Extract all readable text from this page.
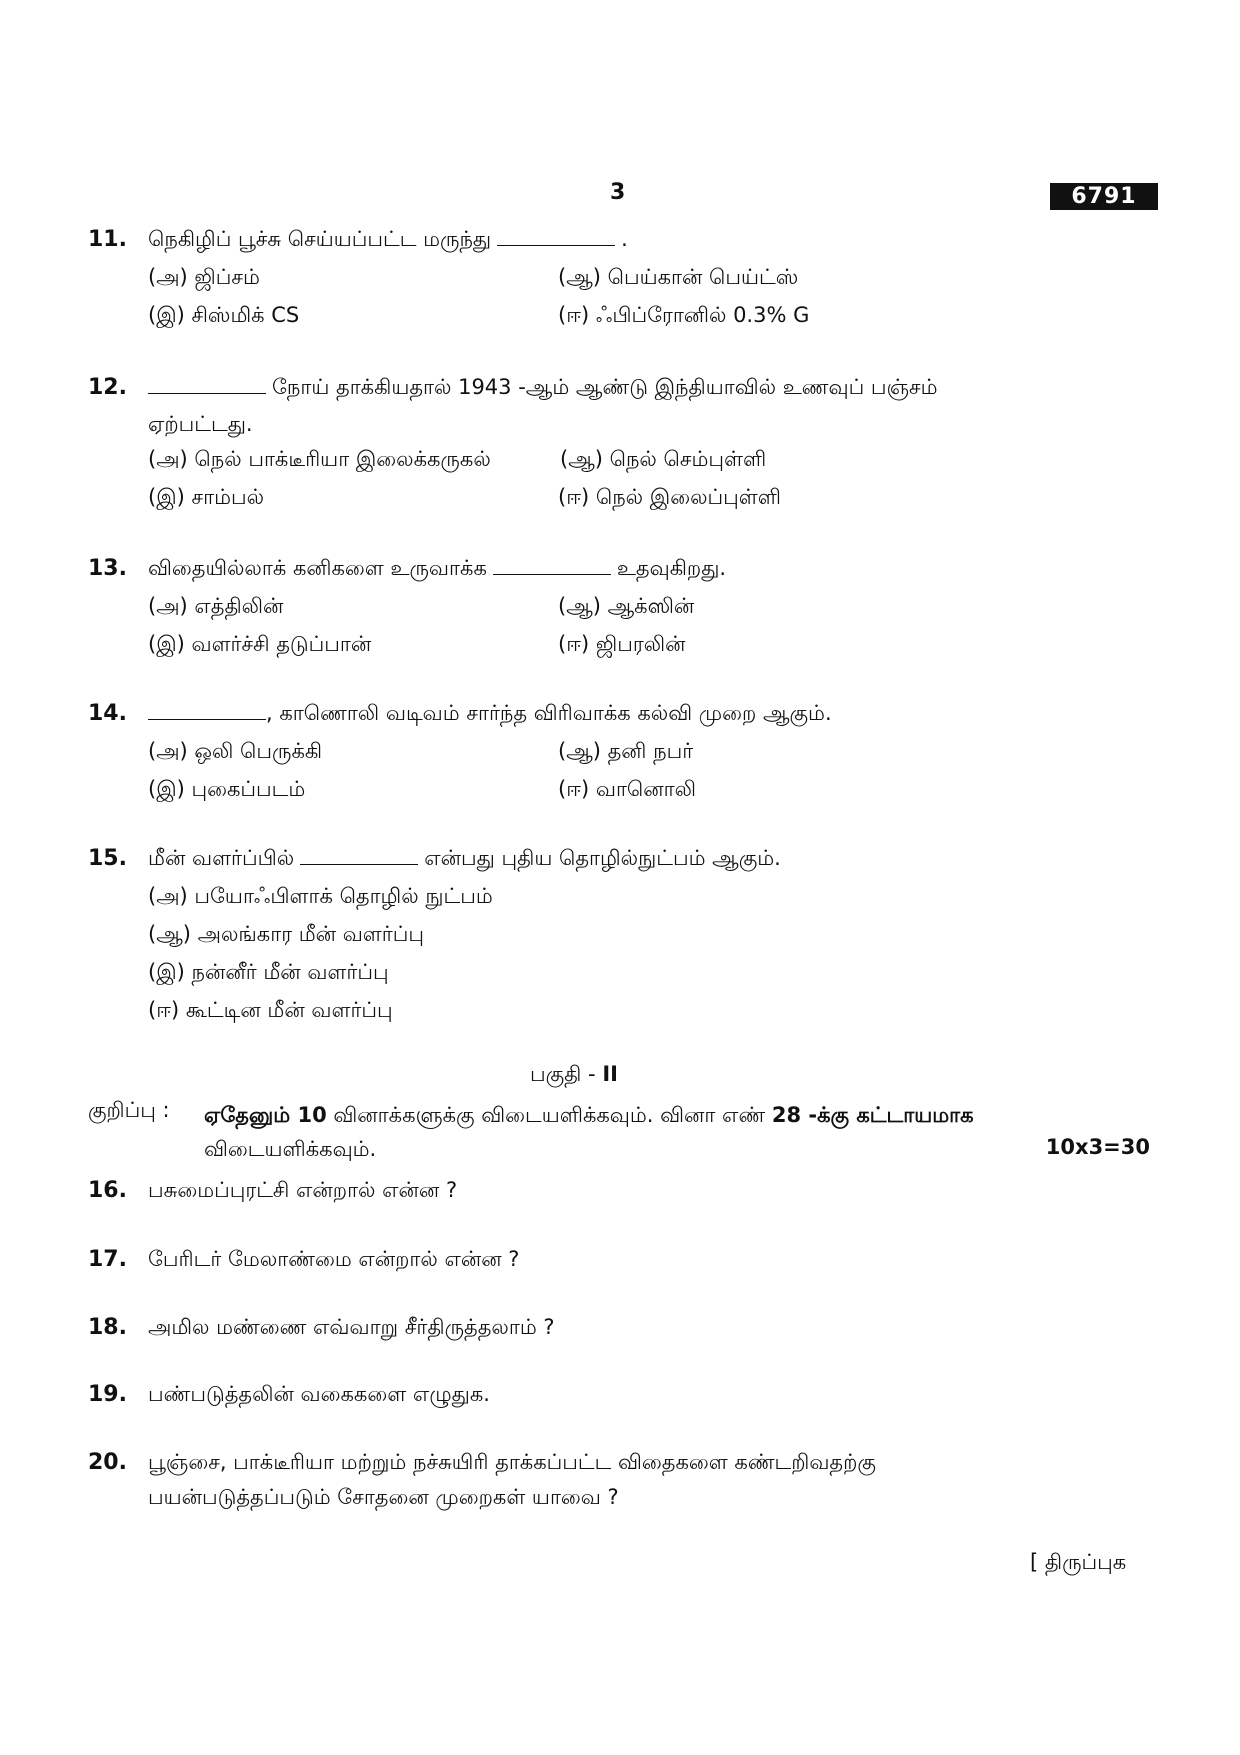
3	6791
11.	நெகிழிப் பூச்சு செய்யப்பட்ட மருந்து	.
(அ) ஜிப்சம்	(ஆ) பெய்கான் பெய்ட்ஸ்
(இ) சிஸ்மிக் CS	(ஈ) ஃபிப்ரோனில் 0.3% G
12.	நோய் தாக்கியதால் 1943 -ஆம் ஆண்டு இந்தியாவில் உணவுப் பஞ்சம்
ஏற்பட்டது.
(அ) நெல் பாக்டீரியா இலைக்கருகல்	(ஆ) நெல் செம்புள்ளி
(இ) சாம்பல்	(ஈ) நெல் இலைப்புள்ளி
13.	விதையில்லாக் கனிகளை உருவாக்க	உதவுகிறது.
(அ) எத்திலின்	(ஆ) ஆக்ஸின்
(இ) வளர்ச்சி தடுப்பான்	(ஈ) ஜிபரலின்
14.	, காணொலி வடிவம் சார்ந்த விரிவாக்க கல்வி முறை ஆகும்.
(அ) ஒலி பெருக்கி	(ஆ) தனி நபர்
(இ) புகைப்படம்	(ஈ) வானொலி
15.	மீன் வளர்ப்பில்	என்பது புதிய தொழில்நுட்பம் ஆகும்.
(அ) பயோஃபிளாக் தொழில் நுட்பம்
(ஆ) அலங்கார மீன் வளர்ப்பு
(இ) நன்னீர் மீன் வளர்ப்பு
(ஈ) கூட்டின மீன் வளர்ப்பு
பகுதி - II
குறிப்பு : ஏதேனும் 10 வினாக்களுக்கு விடையளிக்கவும். வினா எண் 28 -க்கு கட்டாயமாக
விடையளிக்கவும்.	10x3=30
16.	பசுமைப்புரட்சி என்றால் என்ன ?
17.	பேரிடர் மேலாண்மை என்றால் என்ன ?
18.	அமில மண்ணை எவ்வாறு சீர்திருத்தலாம் ?
19.	பண்படுத்தலின் வகைகளை எழுதுக.
20.	பூஞ்சை, பாக்டீரியா மற்றும் நச்சுயிரி தாக்கப்பட்ட விதைகளை கண்டறிவதற்கு
பயன்படுத்தப்படும் சோதனை முறைகள் யாவை ?
[ திருப்புக
